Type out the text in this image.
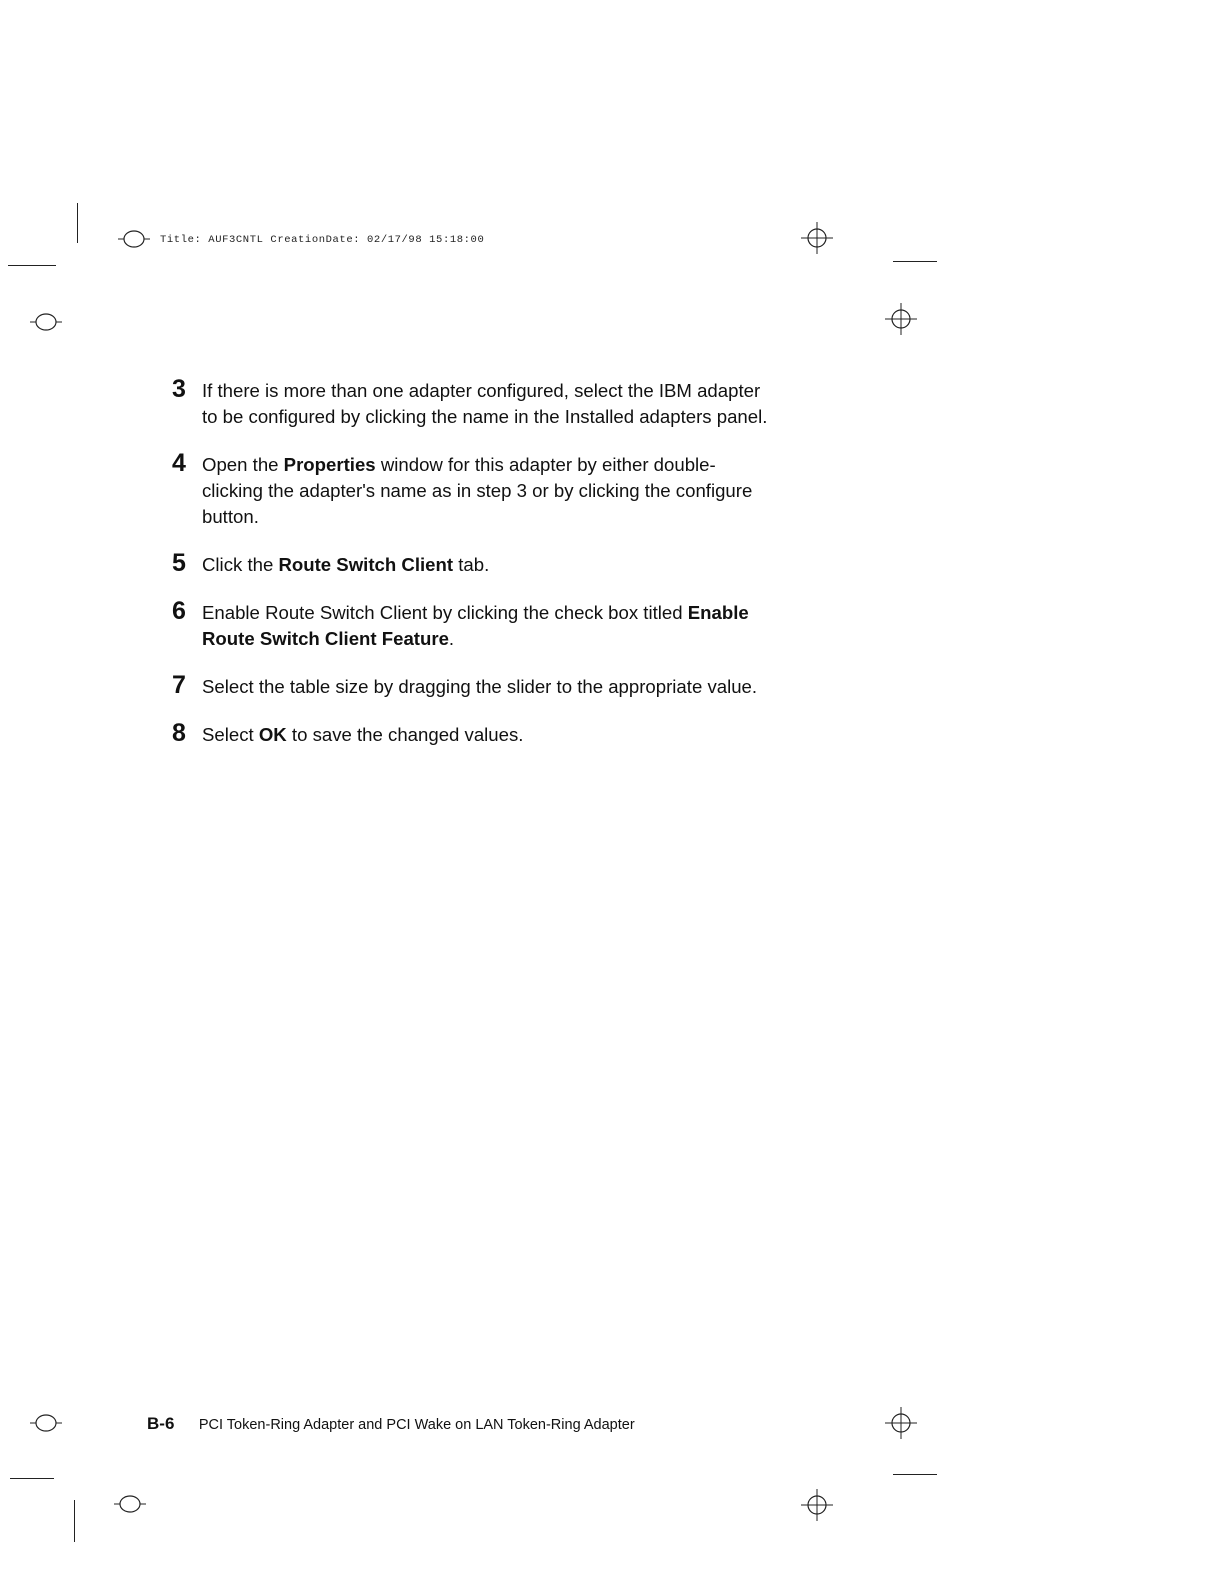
Title: AUF3CNTL CreationDate: 02/17/98 15:18:00
3 If there is more than one adapter configured, select the IBM adapter to be configured by clicking the name in the Installed adapters panel.
4 Open the Properties window for this adapter by either double-clicking the adapter's name as in step 3 or by clicking the configure button.
5 Click the Route Switch Client tab.
6 Enable Route Switch Client by clicking the check box titled Enable Route Switch Client Feature.
7 Select the table size by dragging the slider to the appropriate value.
8 Select OK to save the changed values.
B-6 PCI Token-Ring Adapter and PCI Wake on LAN Token-Ring Adapter
